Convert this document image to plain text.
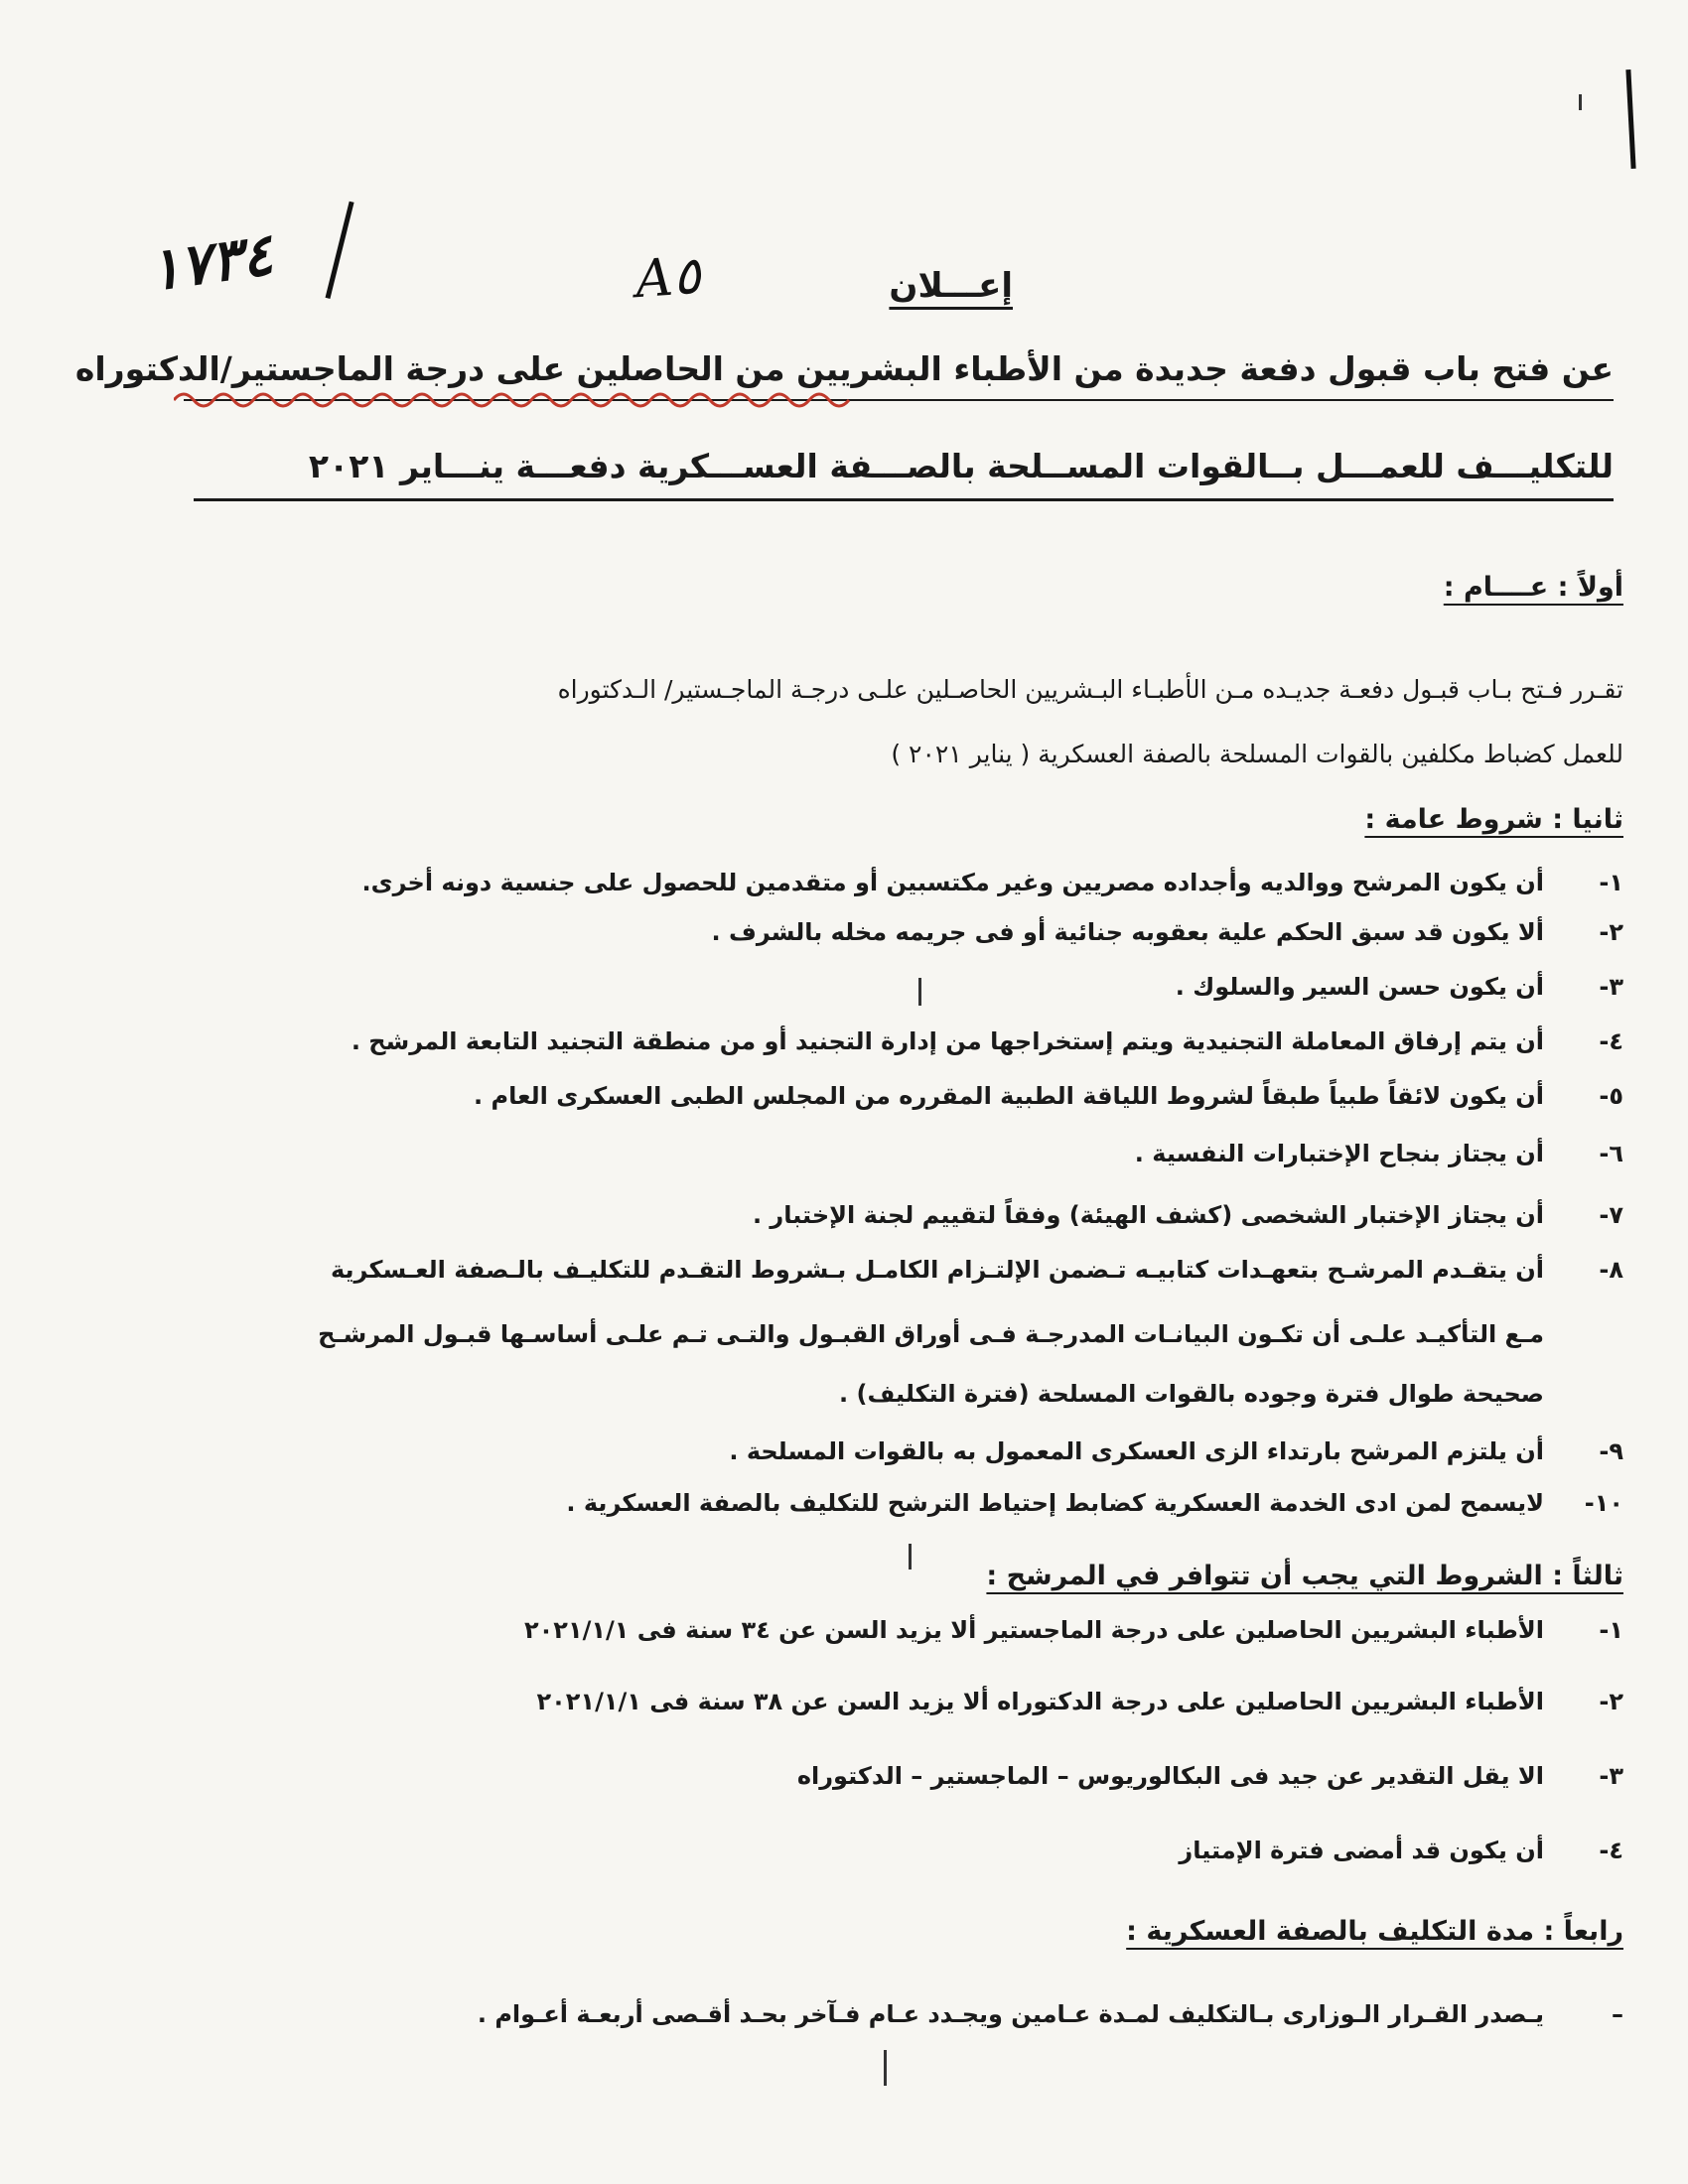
١٧٣٤	A٥	إعـــلان
عن فتح باب قبول دفعة جديدة من الأطباء البشريين من الحاصلين على درجة الماجستير/الدكتوراه
للتكليـــف للعمـــل بــالقوات المســلحة بالصـــفة العســـكرية دفعـــة ينـــاير ٢٠٢١
أولاً : عــــام :
تقـرر فـتح بـاب قبـول دفعـة جديـده مـن الأطبـاء البـشريين الحاصـلين علـى درجـة الماجـستير/ الـدكتوراه
للعمل كضباط مكلفين بالقوات المسلحة بالصفة العسكرية ( يناير ٢٠٢١ )
ثانيا : شروط عامة :
١-
أن يكون المرشح ووالديه وأجداده مصريين وغير مكتسبين أو متقدمين للحصول على جنسية دونه أخرى.
٢-
ألا يكون قد سبق الحكم علية بعقوبه جنائية أو فى جريمه مخله بالشرف .
٣-
أن يكون حسن السير والسلوك .
٤-
أن يتم إرفاق المعاملة التجنيدية ويتم إستخراجها من إدارة التجنيد أو من منطقة التجنيد التابعة المرشح .
٥-
أن يكون لائقاً طبياً طبقاً لشروط اللياقة الطبية المقرره من المجلس الطبى العسكرى العام .
٦-
أن يجتاز بنجاح الإختبارات النفسية .
٧-
أن يجتاز الإختبار الشخصى (كشف الهيئة) وفقاً لتقييم لجنة الإختبار .
٨-
أن يتقـدم المرشـح بتعهـدات كتابيـه تـضمن الإلتـزام الكامـل بـشروط التقـدم للتكليـف بالـصفة العـسكرية
مـع التأكيـد علـى أن تكـون البيانـات المدرجـة فـى أوراق القبـول والتـى تـم علـى أساسـها قبـول المرشـح
صحيحة طوال فترة وجوده بالقوات المسلحة (فترة التكليف) .
٩-
أن يلتزم المرشح بارتداء الزى العسكرى المعمول به بالقوات المسلحة .
١٠-
لايسمح لمن ادى الخدمة العسكرية كضابط إحتياط الترشح للتكليف بالصفة العسكرية .
ثالثاً : الشروط التي يجب أن تتوافر في المرشح :
١-
الأطباء البشريين الحاصلين على درجة الماجستير ألا يزيد السن عن ٣٤ سنة فى ٢٠٢١/١/١
٢-
الأطباء البشريين الحاصلين على درجة الدكتوراه ألا يزيد السن عن ٣٨ سنة فى ٢٠٢١/١/١
٣-
الا يقل التقدير عن جيد فى البكالوريوس – الماجستير – الدكتوراه
٤-
أن يكون قد أمضى فترة الإمتياز
رابعاً : مدة التكليف بالصفة العسكرية :
–
يـصدر القـرار الـوزارى بـالتكليف لمـدة عـامين ويجـدد عـام فـآخر بحـد أقـصى أربعـة أعـوام .
